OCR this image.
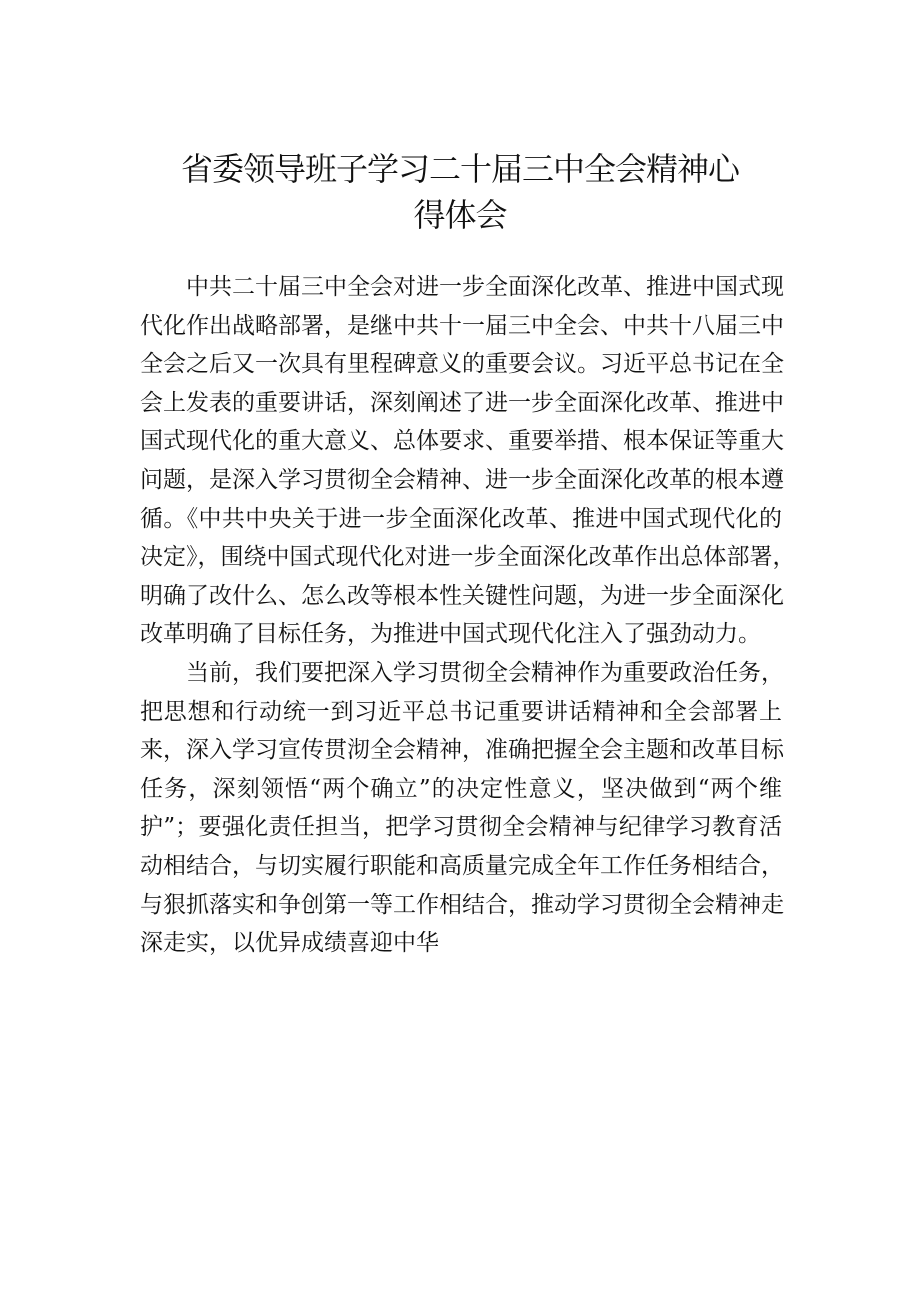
省委领导班子学习二十届三中全会精神心
得体会
中共二十届三中全会对进一步全面深化改革、推进中国式现
代化作出战略部署，是继中共十一届三中全会、中共十八届三中
全会之后又一次具有里程碑意义的重要会议。习近平总书记在全
会上发表的重要讲话，深刻阐述了进一步全面深化改革、推进中
国式现代化的重大意义、总体要求、重要举措、根本保证等重大
问题，是深入学习贯彻全会精神、进一步全面深化改革的根本遵
循。《中共中央关于进一步全面深化改革、推进中国式现代化的
决定》，围绕中国式现代化对进一步全面深化改革作出总体部署，
明确了改什么、怎么改等根本性关键性问题，为进一步全面深化
改革明确了目标任务，为推进中国式现代化注入了强劲动力。
当前，我们要把深入学习贯彻全会精神作为重要政治任务，
把思想和行动统一到习近平总书记重要讲话精神和全会部署上
来，深入学习宣传贯沏全会精神，准确把握全会主题和改革目标
任务，深刻领悟“两个确立”的决定性意义，坚决做到“两个维
护”；要强化责任担当，把学习贯彻全会精神与纪律学习教育活
动相结合，与切实履行职能和高质量完成全年工作任务相结合，
与狠抓落实和争创第一等工作相结合，推动学习贯彻全会精神走
深走实，以优异成绩喜迎中华
